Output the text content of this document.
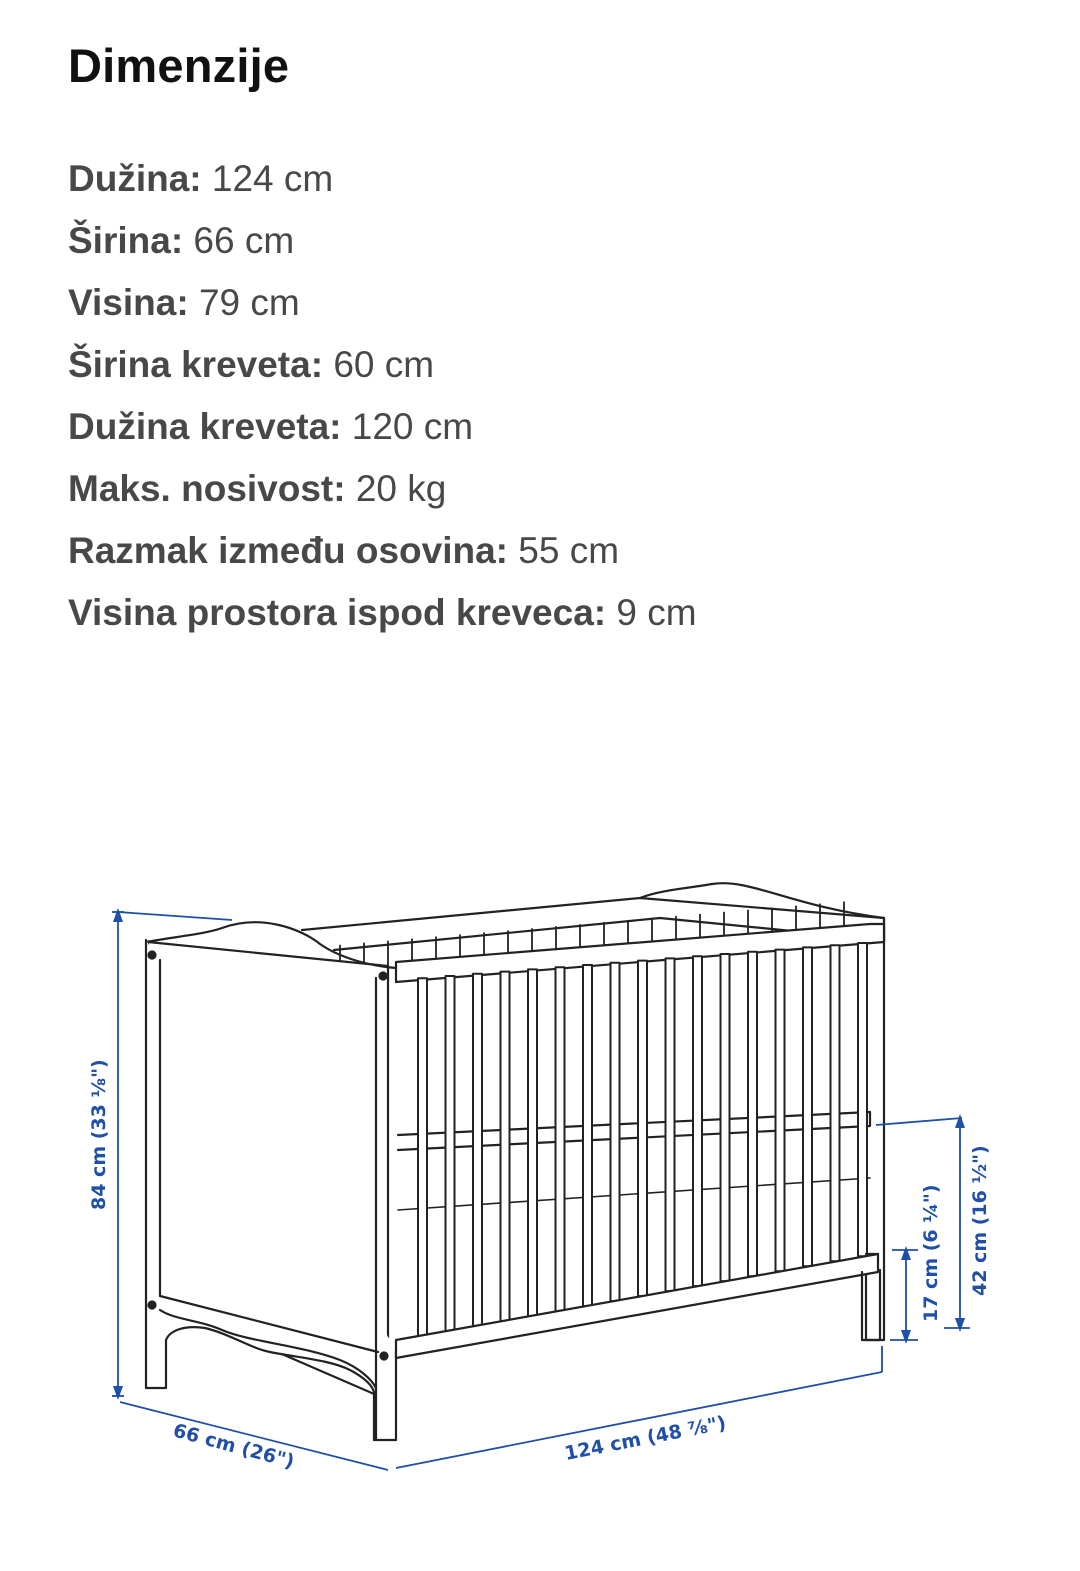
Dimenzije
Dužina: 124 cm
Širina: 66 cm
Visina: 79 cm
Širina kreveta: 60 cm
Dužina kreveta: 120 cm
Maks. nosivost: 20 kg
Razmak između osovina: 55 cm
Visina prostora ispod kreveca: 9 cm
84 cm (33 ⅛")
66 cm (26")	124 cm (48 ⅞")
17 cm (6 ¼") 42 cm (16 ½")
